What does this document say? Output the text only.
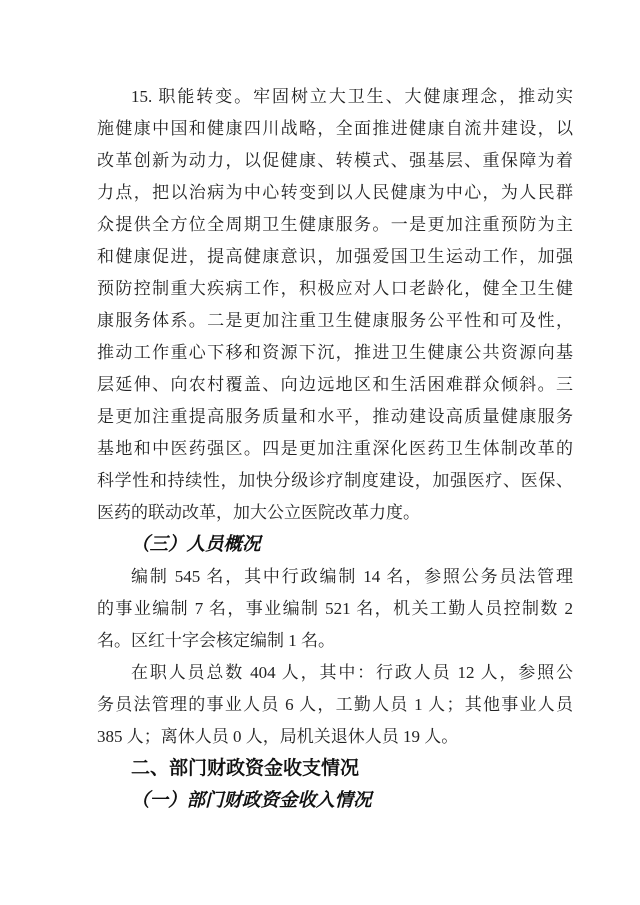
15. 职能转变。牢固树立大卫生、大健康理念，推动实
施健康中国和健康四川战略，全面推进健康自流井建设，以
改革创新为动力，以促健康、转模式、强基层、重保障为着
力点，把以治病为中心转变到以人民健康为中心，为人民群
众提供全方位全周期卫生健康服务。一是更加注重预防为主
和健康促进，提高健康意识，加强爱国卫生运动工作，加强
预防控制重大疾病工作，积极应对人口老龄化，健全卫生健
康服务体系。二是更加注重卫生健康服务公平性和可及性，
推动工作重心下移和资源下沉，推进卫生健康公共资源向基
层延伸、向农村覆盖、向边远地区和生活困难群众倾斜。三
是更加注重提高服务质量和水平，推动建设高质量健康服务
基地和中医药强区。四是更加注重深化医药卫生体制改革的
科学性和持续性，加快分级诊疗制度建设，加强医疗、医保、
医药的联动改革，加大公立医院改革力度。
（三）人员概况
编制 545 名，其中行政编制 14 名，参照公务员法管理
的事业编制 7 名，事业编制 521 名，机关工勤人员控制数 2
名。区红十字会核定编制 1 名。
在职人员总数 404 人，其中：行政人员 12 人，参照公
务员法管理的事业人员 6 人，工勤人员 1 人；其他事业人员
385 人；离休人员 0 人，局机关退休人员 19 人。
二、部门财政资金收支情况
（一）部门财政资金收入情况
